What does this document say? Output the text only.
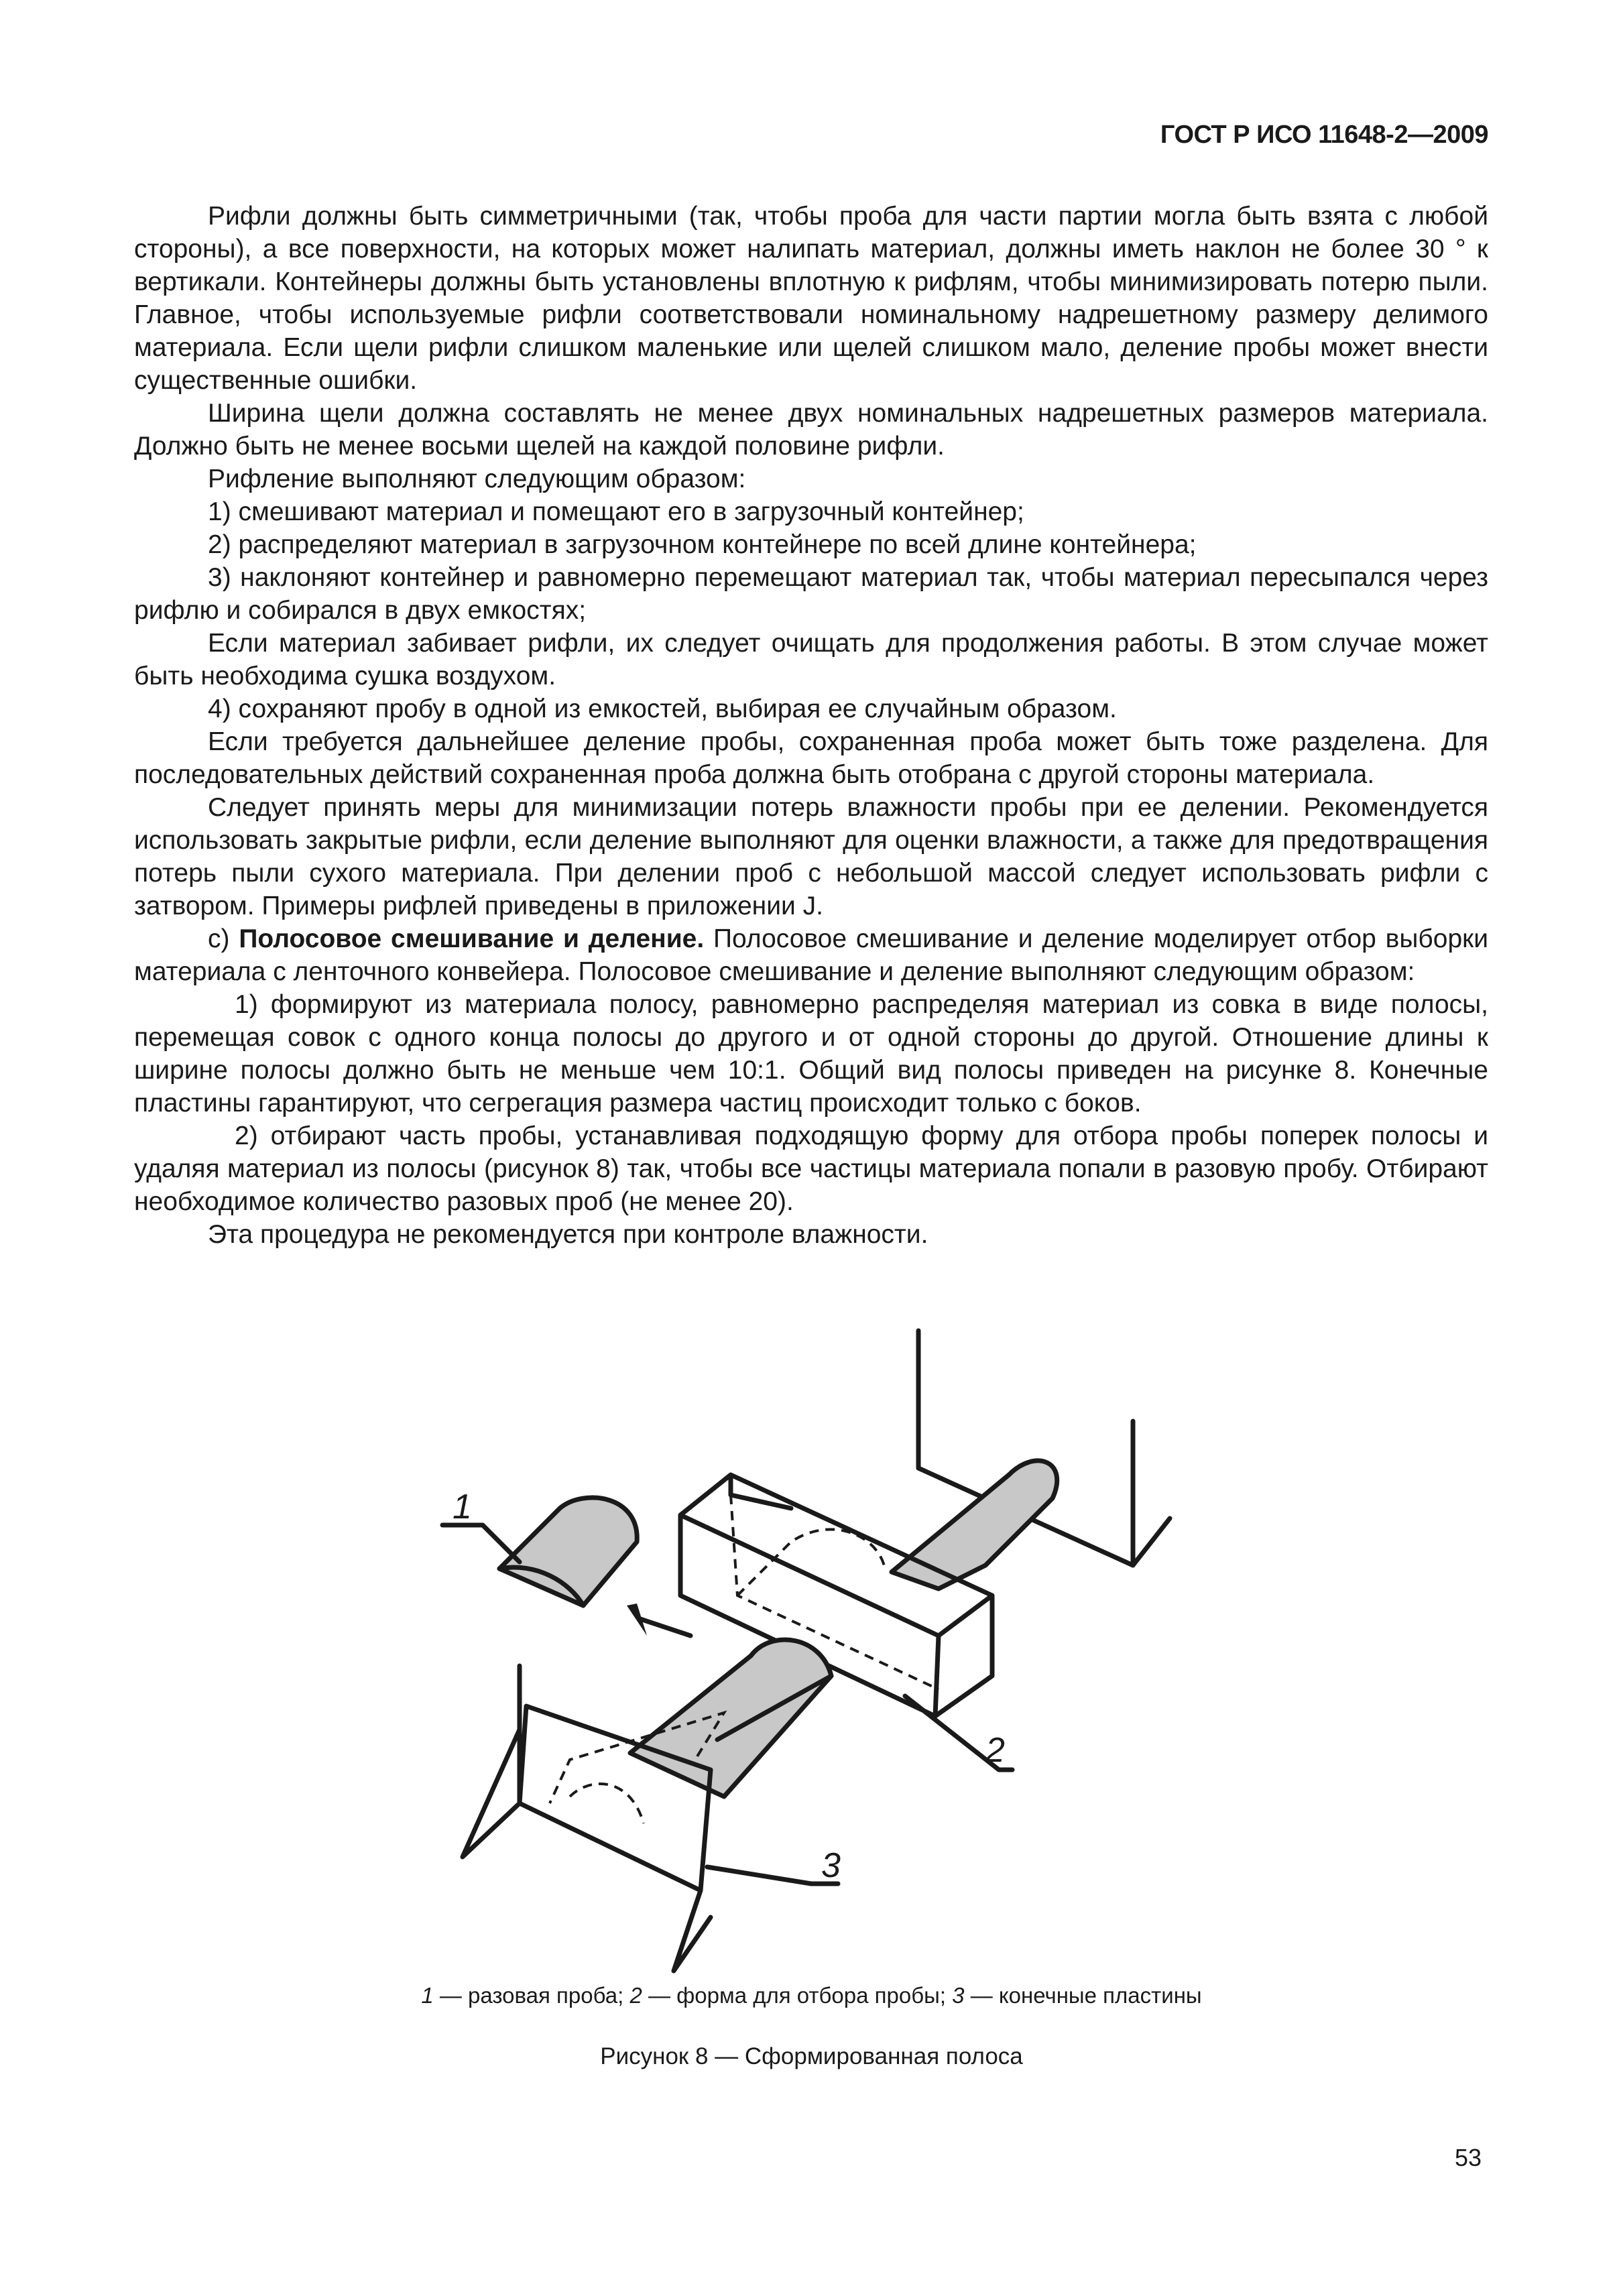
ГОСТ Р ИСО 11648-2—2009

Рифли должны быть симметричными (так, чтобы проба для части партии могла быть взята с любой стороны), а все поверхности, на которых может налипать материал, должны иметь наклон не более 30 ° к вертикали. Контейнеры должны быть установлены вплотную к рифлям, чтобы минимизировать потерю пыли. Главное, чтобы используемые рифли соответствовали номинальному надрешетному размеру делимого материала. Если щели рифли слишком маленькие или щелей слишком мало, деление пробы может внести существенные ошибки.

Ширина щели должна составлять не менее двух номинальных надрешетных размеров материала. Должно быть не менее восьми щелей на каждой половине рифли.

Рифление выполняют следующим образом:

1) смешивают материал и помещают его в загрузочный контейнер;

2) распределяют материал в загрузочном контейнере по всей длине контейнера;

3) наклоняют контейнер и равномерно перемещают материал так, чтобы материал пересыпался через рифлю и собирался в двух емкостях;

Если материал забивает рифли, их следует очищать для продолжения работы. В этом случае может быть необходима сушка воздухом.

4) сохраняют пробу в одной из емкостей, выбирая ее случайным образом.

Если требуется дальнейшее деление пробы, сохраненная проба может быть тоже разделена. Для последовательных действий сохраненная проба должна быть отобрана с другой стороны материала.

Следует принять меры для минимизации потерь влажности пробы при ее делении. Рекомендуется использовать закрытые рифли, если деление выполняют для оценки влажности, а также для предотвращения потерь пыли сухого материала. При делении проб с небольшой массой следует использовать рифли с затвором. Примеры рифлей приведены в приложении J.

с) Полосовое смешивание и деление. Полосовое смешивание и деление моделирует отбор выборки материала с ленточного конвейера. Полосовое смешивание и деление выполняют следующим образом:

1) формируют из материала полосу, равномерно распределяя материал из совка в виде полосы, перемещая совок с одного конца полосы до другого и от одной стороны до другой. Отношение длины к ширине полосы должно быть не меньше чем 10:1. Общий вид полосы приведен на рисунке 8. Конечные пластины гарантируют, что сегрегация размера частиц происходит только с боков.

2) отбирают часть пробы, устанавливая подходящую форму для отбора пробы поперек полосы и удаляя материал из полосы (рисунок 8) так, чтобы все частицы материала попали в разовую пробу. Отбирают необходимое количество разовых проб (не менее 20).

Эта процедура не рекомендуется при контроле влажности.

1
2
3
1 — разовая проба; 2 — форма для отбора пробы; 3 — конечные пластины
Рисунок 8 — Сформированная полоса
53
